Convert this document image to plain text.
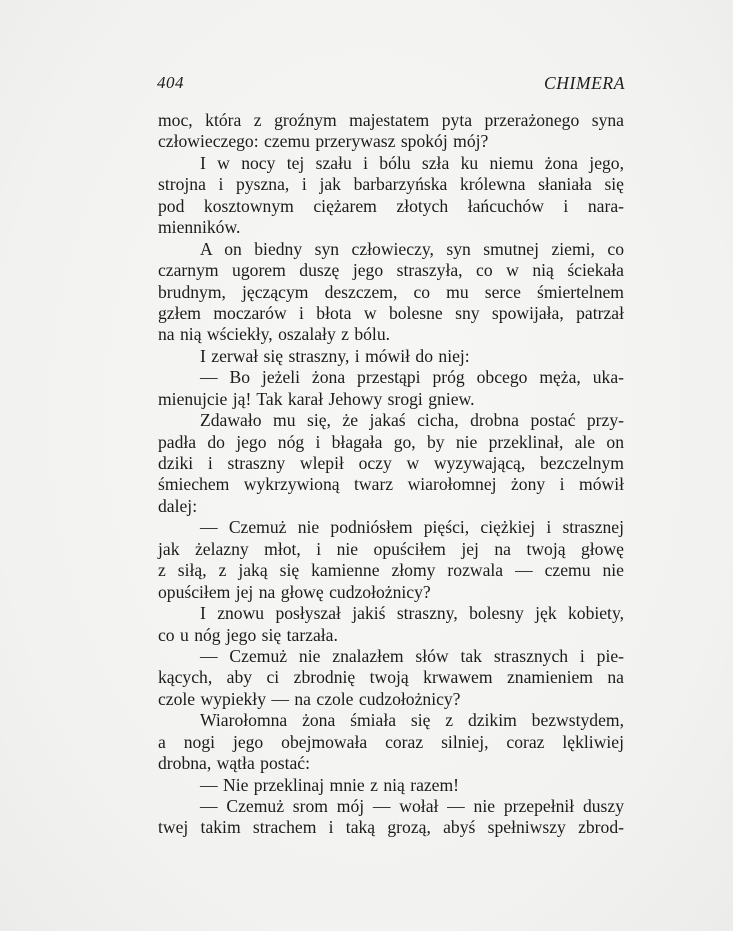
404	CHIMERA
moc, która z groźnym majestatem pyta przerażonego syna
człowieczego: czemu przerywasz spokój mój?
I w nocy tej szału i bólu szła ku niemu żona jego,
strojna i pyszna, i jak barbarzyńska królewna słaniała się
pod kosztownym ciężarem złotych łańcuchów i nara-
mienników.
A on biedny syn człowieczy, syn smutnej ziemi, co
czarnym ugorem duszę jego straszyła, co w nią ściekała
brudnym, jęczącym deszczem, co mu serce śmiertelnem
gzłem moczarów i błota w bolesne sny spowijała, patrzał
na nią wściekły, oszalały z bólu.
I zerwał się straszny, i mówił do niej:
— Bo jeżeli żona przestąpi próg obcego męża, uka-
mienujcie ją! Tak karał Jehowy srogi gniew.
Zdawało mu się, że jakaś cicha, drobna postać przy-
padła do jego nóg i błagała go, by nie przeklinał, ale on
dziki i straszny wlepił oczy w wyzywającą, bezczelnym
śmiechem wykrzywioną twarz wiarołomnej żony i mówił
dalej:
— Czemuż nie podniósłem pięści, ciężkiej i strasznej
jak żelazny młot, i nie opuściłem jej na twoją głowę
z siłą, z jaką się kamienne złomy rozwala — czemu nie
opuściłem jej na głowę cudzołożnicy?
I znowu posłyszał jakiś straszny, bolesny jęk kobiety,
co u nóg jego się tarzała.
— Czemuż nie znalazłem słów tak strasznych i pie-
kących, aby ci zbrodnię twoją krwawem znamieniem na
czole wypiekły — na czole cudzołożnicy?
Wiarołomna żona śmiała się z dzikim bezwstydem,
a nogi jego obejmowała coraz silniej, coraz lękliwiej
drobna, wątła postać:
— Nie przeklinaj mnie z nią razem!
— Czemuż srom mój — wołał — nie przepełnił duszy
twej takim strachem i taką grozą, abyś spełniwszy zbrod-
